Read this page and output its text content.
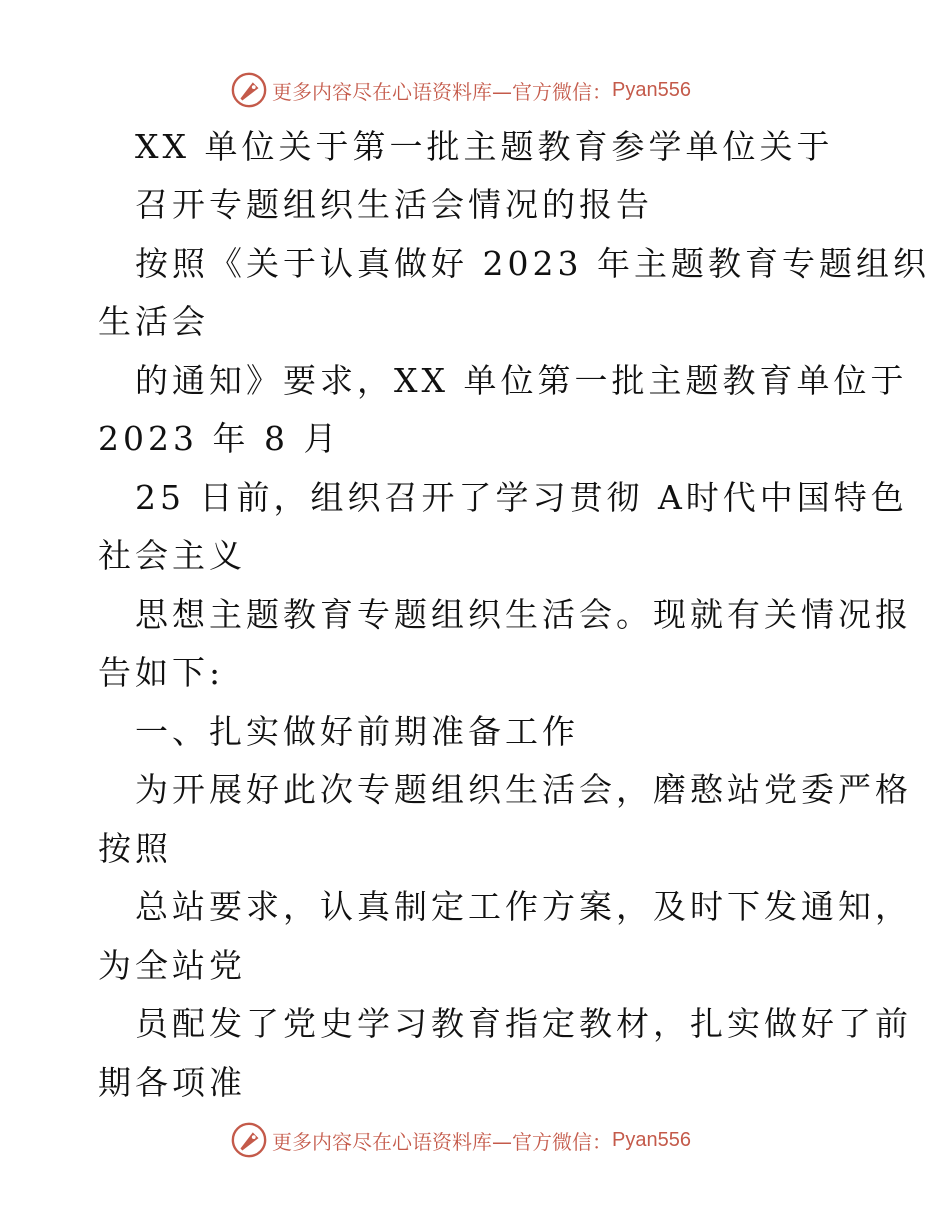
更多内容尽在心语资料库—官方微信： Pyan556
XX 单位关于第一批主题教育参学单位关于
召开专题组织生活会情况的报告
按照《关于认真做好 2023 年主题教育专题组织
生活会
的通知》要求，XX 单位第一批主题教育单位于
2023 年 8 月
25 日前，组织召开了学习贯彻 A时代中国特色
社会主义
思想主题教育专题组织生活会。现就有关情况报
告如下:
一、扎实做好前期准备工作
为开展好此次专题组织生活会，磨憨站党委严格
按照
总站要求，认真制定工作方案，及时下发通知，
为全站党
员配发了党史学习教育指定教材，扎实做好了前
期各项准
更多内容尽在心语资料库—官方微信： Pyan556
